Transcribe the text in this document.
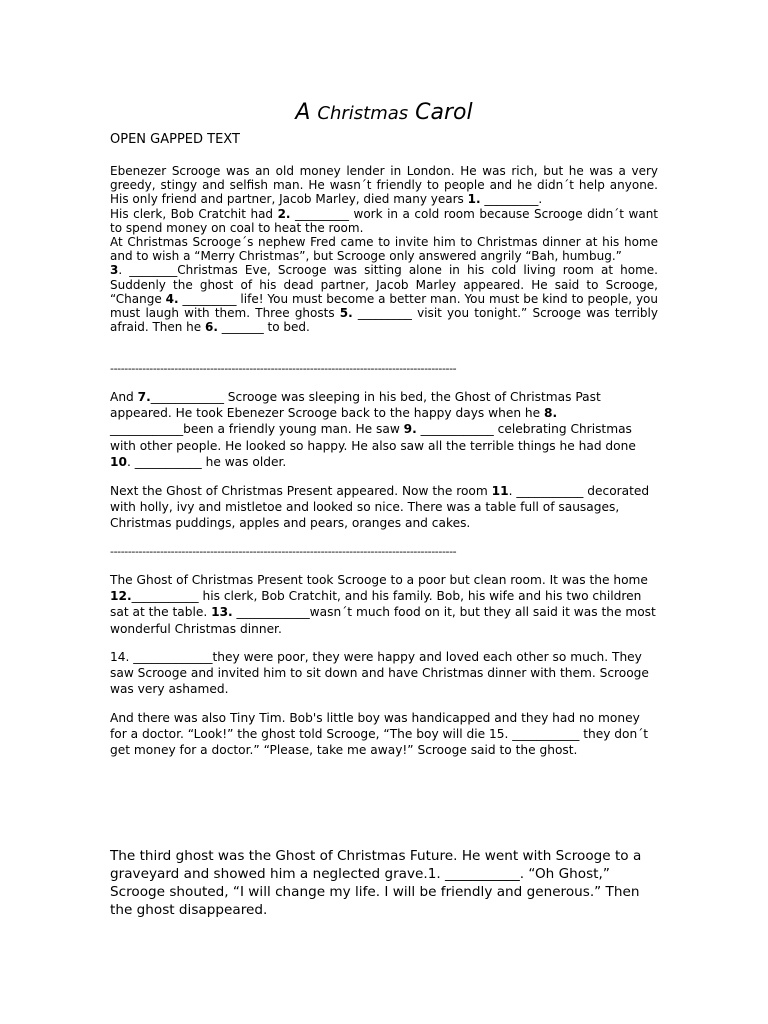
A Christmas Carol
OPEN GAPPED TEXT

Ebenezer Scrooge was an old money lender in London. He was rich, but he was a very greedy, stingy and selfish man. He wasn´t friendly to people and he didn´t help anyone. His only friend and partner, Jacob Marley, died many years 1. _________.

His clerk, Bob Cratchit had 2. _________ work in a cold room because Scrooge didn´t want to spend money on coal to heat the room.

At Christmas Scrooge´s nephew Fred came to invite him to Christmas dinner at his home and to wish a “Merry Christmas”, but Scrooge only answered angrily “Bah, humbug.”

3. ________Christmas Eve, Scrooge was sitting alone in his cold living room at home. Suddenly the ghost of his dead partner, Jacob Marley appeared. He said to Scrooge, “Change 4. _________ life! You must become a better man. You must be kind to people, you must laugh with them. Three ghosts 5. _________ visit you tonight.” Scrooge was terribly afraid. Then he 6. _______ to bed.

-------------------------------------------------------------------------------------------------

And 7.____________ Scrooge was sleeping in his bed, the Ghost of Christmas Past appeared. He took Ebenezer Scrooge back to the happy days when he 8. ____________been a friendly young man. He saw 9. ____________ celebrating Christmas with other people. He looked so happy. He also saw all the terrible things he had done 10. ___________ he was older.

Next the Ghost of Christmas Present appeared. Now the room 11. ___________ decorated with holly, ivy and mistletoe and looked so nice. There was a table full of sausages, Christmas puddings, apples and pears, oranges and cakes.

-------------------------------------------------------------------------------------------------

The Ghost of Christmas Present took Scrooge to a poor but clean room. It was the home 12.___________ his clerk, Bob Cratchit, and his family. Bob, his wife and his two children sat at the table. 13. ____________wasn´t much food on it, but they all said it was the most wonderful Christmas dinner.

14. _____________they were poor, they were happy and loved each other so much. They saw Scrooge and invited him to sit down and have Christmas dinner with them. Scrooge was very ashamed.

And there was also Tiny Tim. Bob's little boy was handicapped and they had no money for a doctor. “Look!” the ghost told Scrooge, “The boy will die 15. ___________ they don´t get money for a doctor.” “Please, take me away!” Scrooge said to the ghost.

The third ghost was the Ghost of Christmas Future. He went with Scrooge to a graveyard and showed him a neglected grave.1. ___________. “Oh Ghost,” Scrooge shouted, “I will change my life. I will be friendly and generous.” Then the ghost disappeared.
